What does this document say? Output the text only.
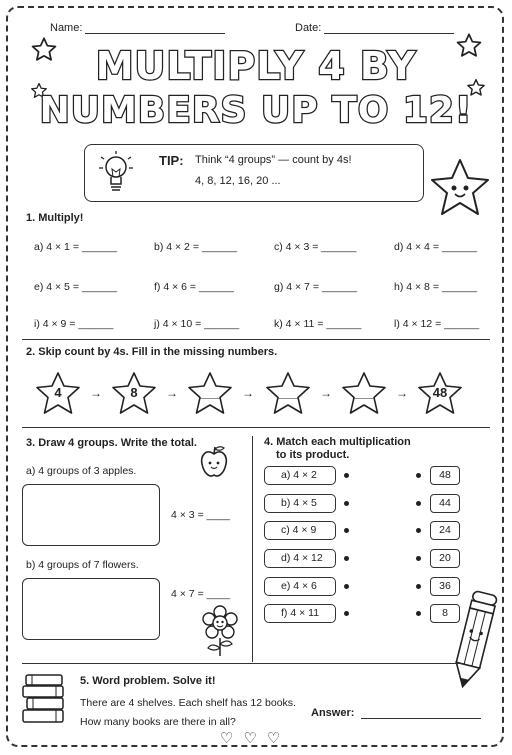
Name:	Date:
MULTIPLY 4 BY
NUMBERS UP TO 12!
TIP: Think “4 groups” — count by 4s!
4, 8, 12, 16, 20 ...
1. Multiply!
a) 4 × 1 = ______	b) 4 × 2 = ______	c) 4 × 3 = ______	d) 4 × 4 = ______
e) 4 × 5 = ______	f) 4 × 6 = ______	g) 4 × 7 = ______	h) 4 × 8 = ______
i) 4 × 9 = ______	j) 4 × 10 = ______	k) 4 × 11 = ______	l) 4 × 12 = ______
2. Skip count by 4s. Fill in the missing numbers.
4	→	8	→	___	→	___	→	___	→	48
3. Draw 4 groups. Write the total.
a) 4 groups of 3 apples.
4 × 3 = ____
b) 4 groups of 7 flowers.
4 × 7 = ____
4. Match each multiplication
to its product.
a) 4 × 2	48
b) 4 × 5	44
c) 4 × 9	24
d) 4 × 12	20
e) 4 × 6	36
f) 4 × 11	8
5. Word problem. Solve it!
There are 4 shelves. Each shelf has 12 books.
How many books are there in all?
Answer:
♡♡♡
